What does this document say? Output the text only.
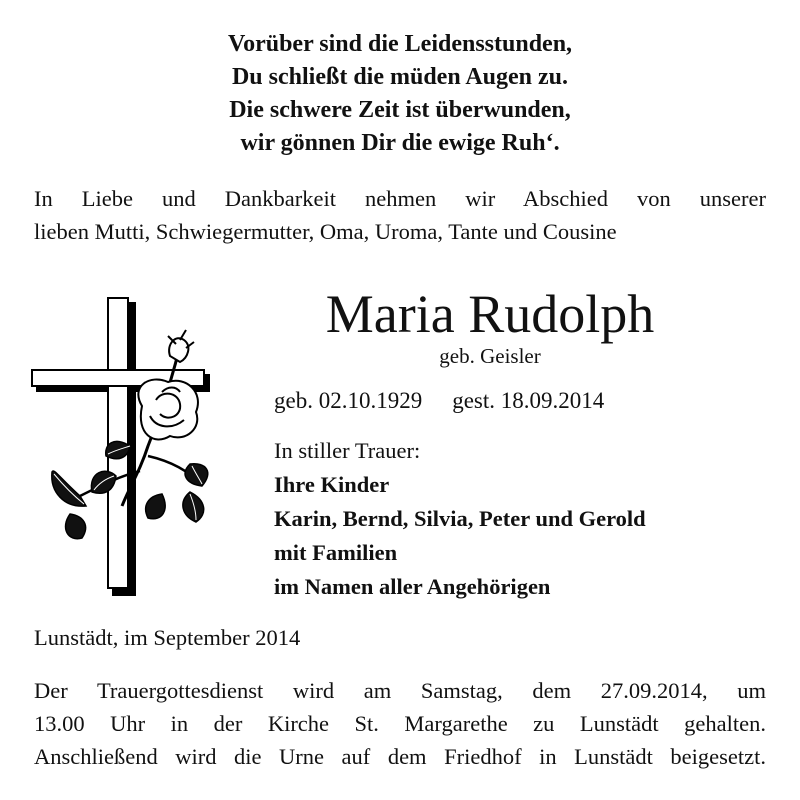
Vorüber sind die Leidensstunden,
Du schließt die müden Augen zu.
Die schwere Zeit ist überwunden,
wir gönnen Dir die ewige Ruh‘.
In Liebe und Dankbarkeit nehmen wir Abschied von unserer
lieben Mutti, Schwiegermutter, Oma, Uroma, Tante und Cousine
Maria Rudolph
geb. Geisler
geb. 02.10.1929 gest. 18.09.2014
In stiller Trauer:
Ihre Kinder
Karin, Bernd, Silvia, Peter und Gerold
mit Familien
im Namen aller Angehörigen
Lunstädt, im September 2014
Der Trauergottesdienst wird am Samstag, dem 27.09.2014, um
13.00 Uhr in der Kirche St. Margarethe zu Lunstädt gehalten.
Anschließend wird die Urne auf dem Friedhof in Lunstädt beigesetzt.
